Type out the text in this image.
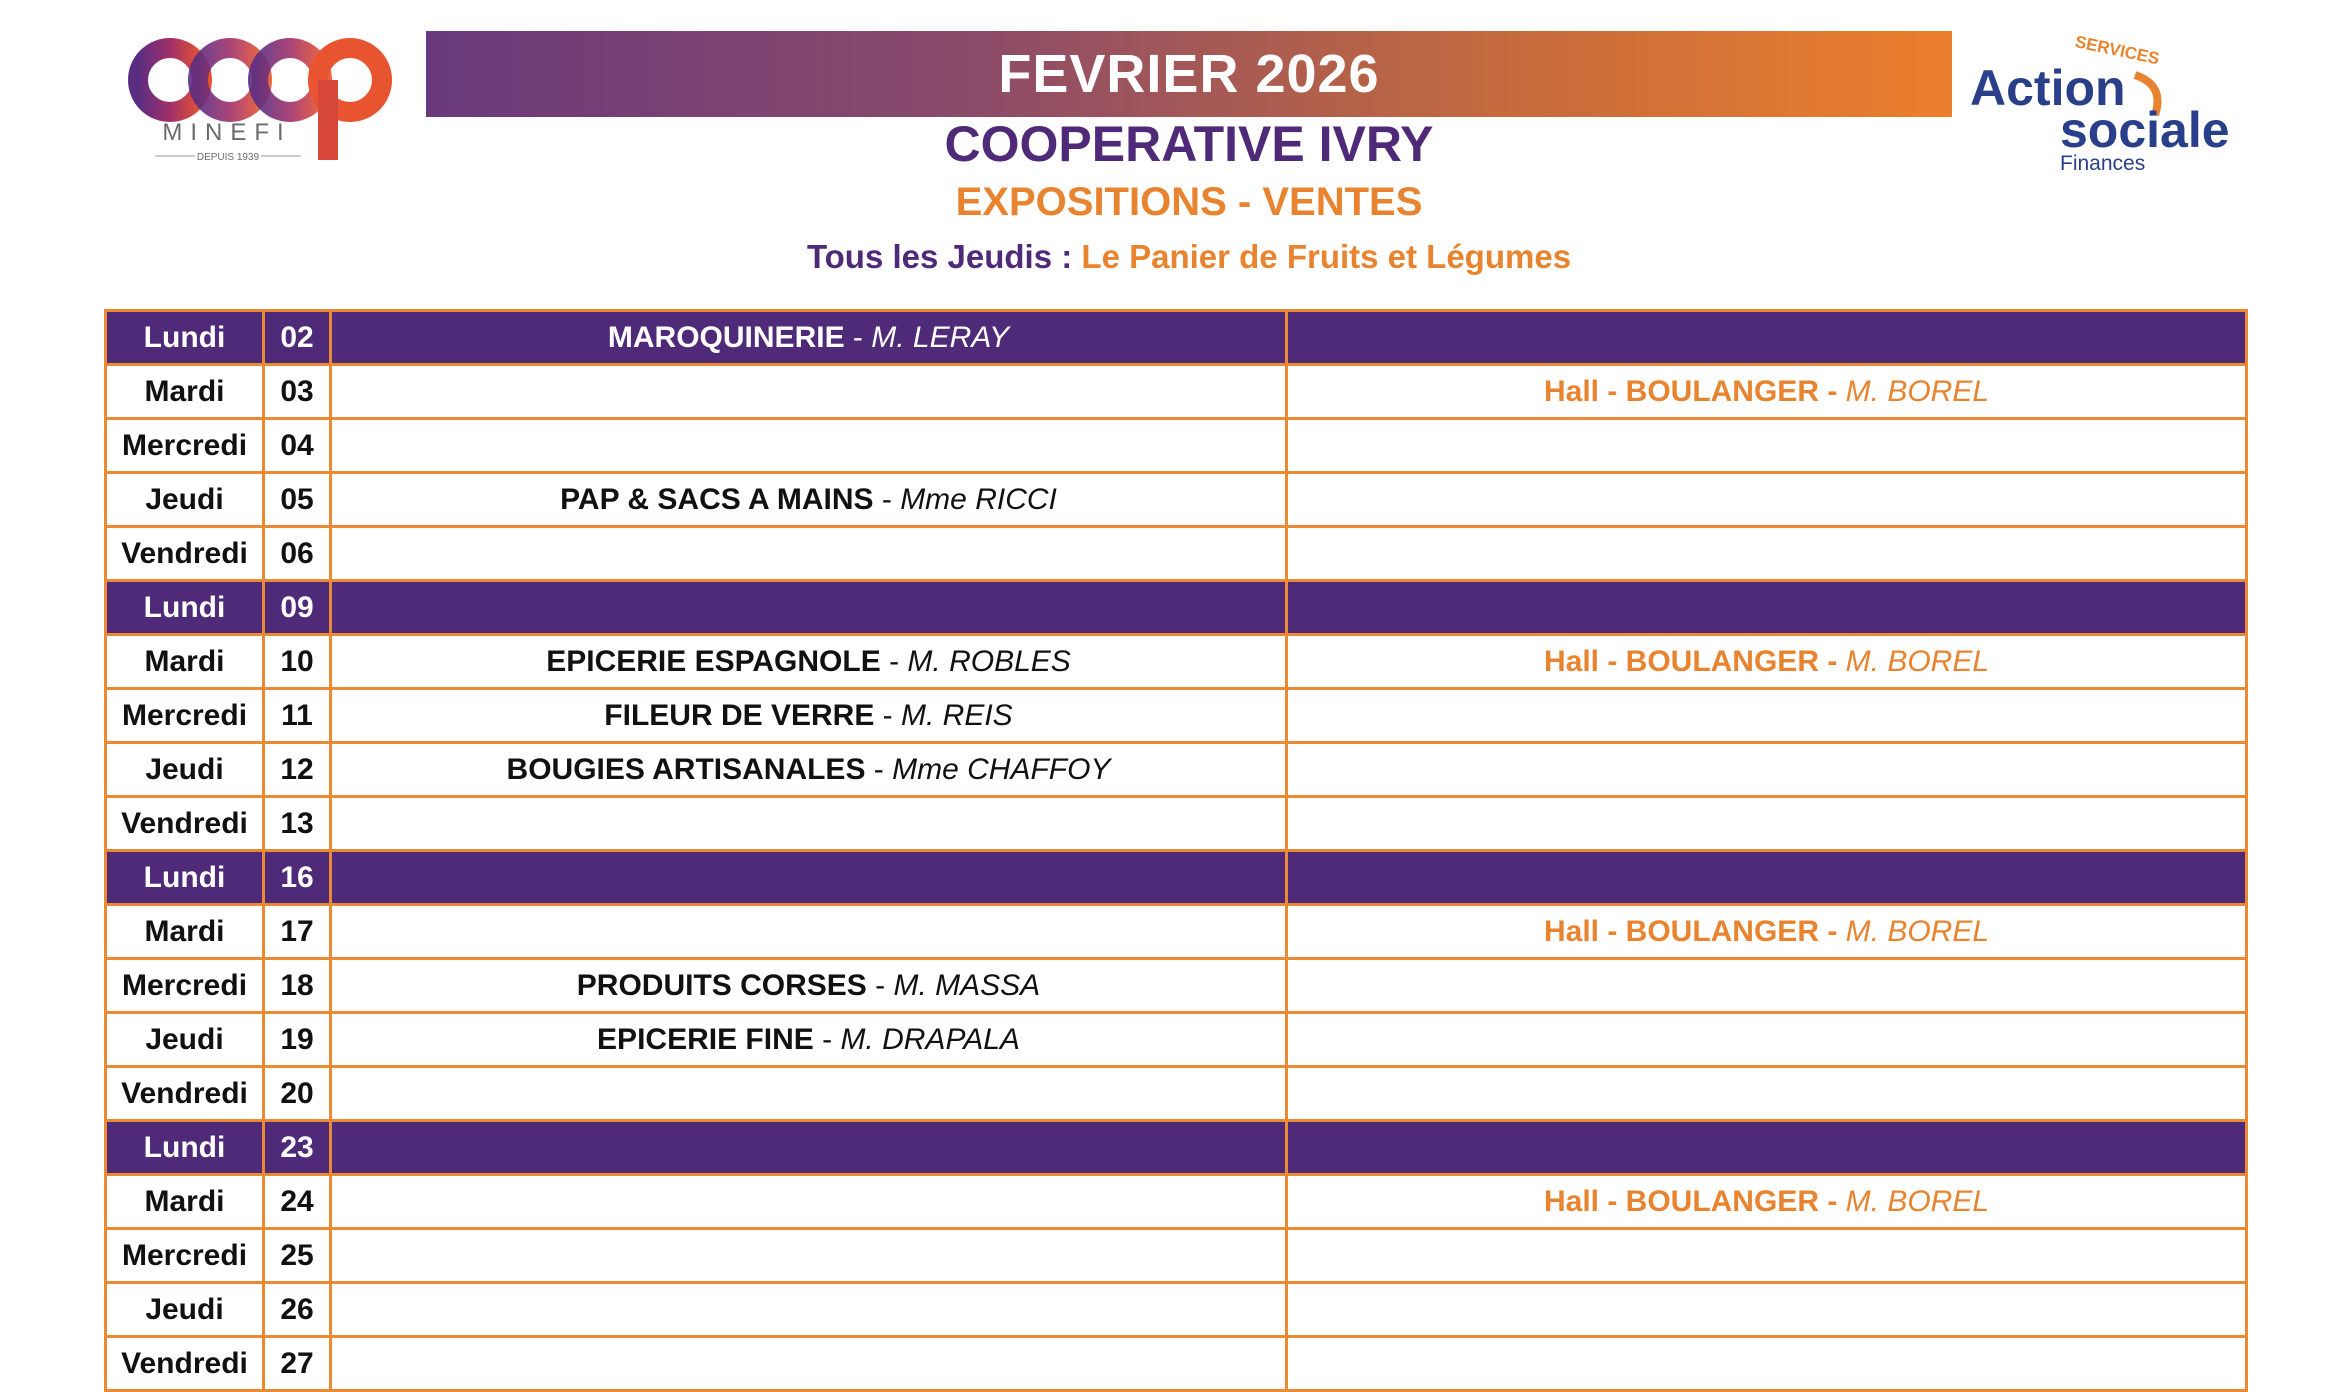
MINEFI
DEPUIS 1939
SERVICES
Action
sociale
Finances
FEVRIER 2026
COOPERATIVE IVRY
EXPOSITIONS - VENTES
Tous les Jeudis : Le Panier de Fruits et Légumes
Lundi	02	MAROQUINERIE - M. LERAY	
Mardi	03		Hall - BOULANGER - M. BOREL
Mercredi	04		
Jeudi	05	PAP & SACS A MAINS - Mme RICCI	
Vendredi	06		
Lundi	09		
Mardi	10	EPICERIE ESPAGNOLE - M. ROBLES	Hall - BOULANGER - M. BOREL
Mercredi	11	FILEUR DE VERRE - M. REIS	
Jeudi	12	BOUGIES ARTISANALES - Mme CHAFFOY	
Vendredi	13		
Lundi	16		
Mardi	17		Hall - BOULANGER - M. BOREL
Mercredi	18	PRODUITS CORSES - M. MASSA	
Jeudi	19	EPICERIE FINE - M. DRAPALA	
Vendredi	20		
Lundi	23		
Mardi	24		Hall - BOULANGER - M. BOREL
Mercredi	25		
Jeudi	26		
Vendredi	27		
